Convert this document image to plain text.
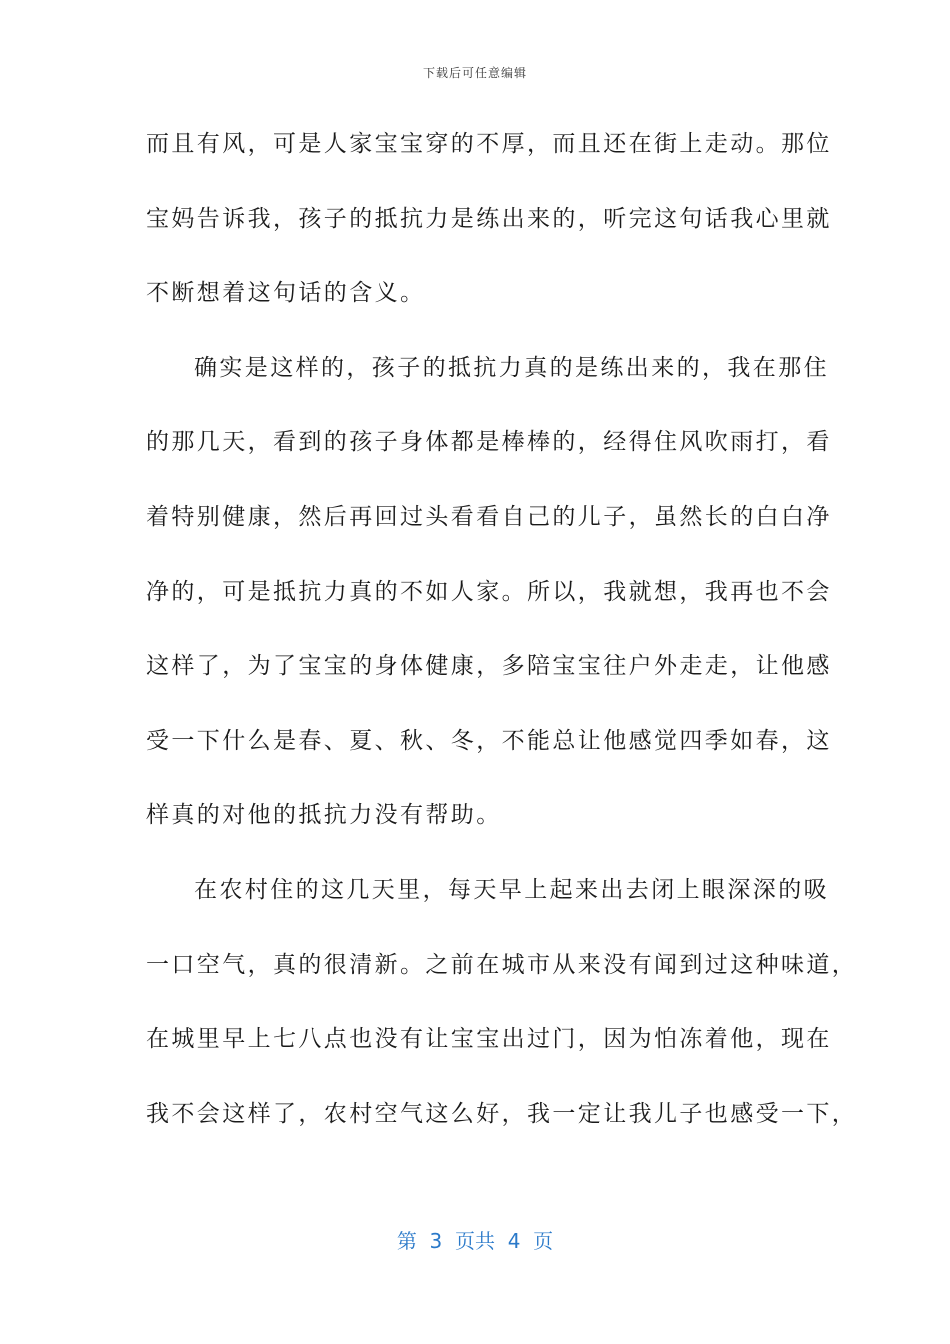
下载后可任意编辑
而且有风，可是人家宝宝穿的不厚，而且还在街上走动。那位
宝妈告诉我，孩子的抵抗力是练出来的，听完这句话我心里就
不断想着这句话的含义。
确实是这样的，孩子的抵抗力真的是练出来的，我在那住
的那几天，看到的孩子身体都是棒棒的，经得住风吹雨打，看
着特别健康，然后再回过头看看自己的儿子，虽然长的白白净
净的，可是抵抗力真的不如人家。所以，我就想，我再也不会
这样了，为了宝宝的身体健康，多陪宝宝往户外走走，让他感
受一下什么是春、夏、秋、冬，不能总让他感觉四季如春，这
样真的对他的抵抗力没有帮助。
在农村住的这几天里，每天早上起来出去闭上眼深深的吸
一口空气，真的很清新。之前在城市从来没有闻到过这种味道，
在城里早上七八点也没有让宝宝出过门，因为怕冻着他，现在
我不会这样了，农村空气这么好，我一定让我儿子也感受一下，
第  3  页共  4  页
